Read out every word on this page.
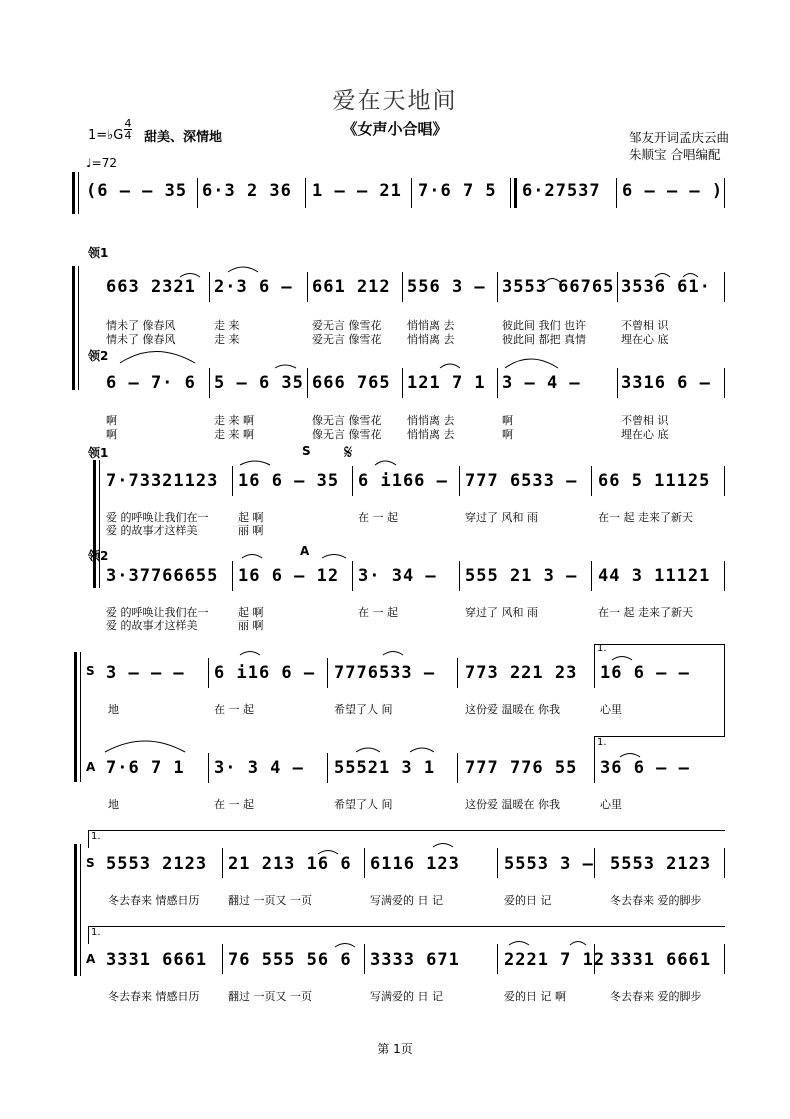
爱在天地间
《女声小合唱》
1=♭G
4
4 甜美、深情地
♩=72
邹友开词孟庆云曲
朱顺宝 合唱编配
(6 — — 35 6·3 2 36 1 — — 21 7·6 7 5 6·27537 6 — — — )
领1
663 2321 2·3 6 — 661 212 556 3 — 3553 66765 3536 61·
情未了 像春风	走 来	爱无言 像雪花 悄悄离 去	彼此间 我们 也许	不曾相 识
情未了 像春风	走 来	爱无言 像雪花 悄悄离 去	彼此间 都把 真情	埋在心 底
领2
6 — 7· 6 5 — 6 35 666 765 121 7 1 3 — 4 — 3316 6 —
啊	走 来 啊	像无言 像雪花 悄悄离 去	啊	不曾相 识
啊	走 来 啊	像无言 像雪花 悄悄离 去	啊	埋在心 底
领1	S 𝄋
7·73321123 16 6 — 35 6 i166 — 777 6533 — 66 5 11125
爱 的呼唤让我们在一	起 啊	在 一 起	穿过了 风和 雨	在一 起 走来了新天
爱 的故事才这样美	丽 啊
领2	A
3·37766655 16 6 — 12 3· 34 — 555 21 3 — 44 3 11121
爱 的呼唤让我们在一	起 啊	在 一 起	穿过了 风和 雨	在一 起 走来了新天
爱 的故事才这样美	丽 啊
1.
S 3 — — — 6 i16 6 — 7776533 — 773 221 23 16 6 — —
地	在 一 起	希望了人 间	这份爱 温暖在 你我	心里
1.
A 7·6 7 1 3· 3 4 — 55521 3 1 777 776 55 36 6 — —
地	在 一 起	希望了人 间	这份爱 温暖在 你我	心里
1.
S 5553 2123 21 213 16 6 6116 123	5553 3 — 5553 2123
冬去春来 情感日历	翻过 一页又 一页	写满爱的 日 记	爱的日 记	冬去春来 爱的脚步
1.
A 3331 6661 76 555 56 6 3333 671	2221 7 12 3331 6661
冬去春来 情感日历	翻过 一页又 一页	写满爱的 日 记	爱的日 记 啊	冬去春来 爱的脚步
第 1页
